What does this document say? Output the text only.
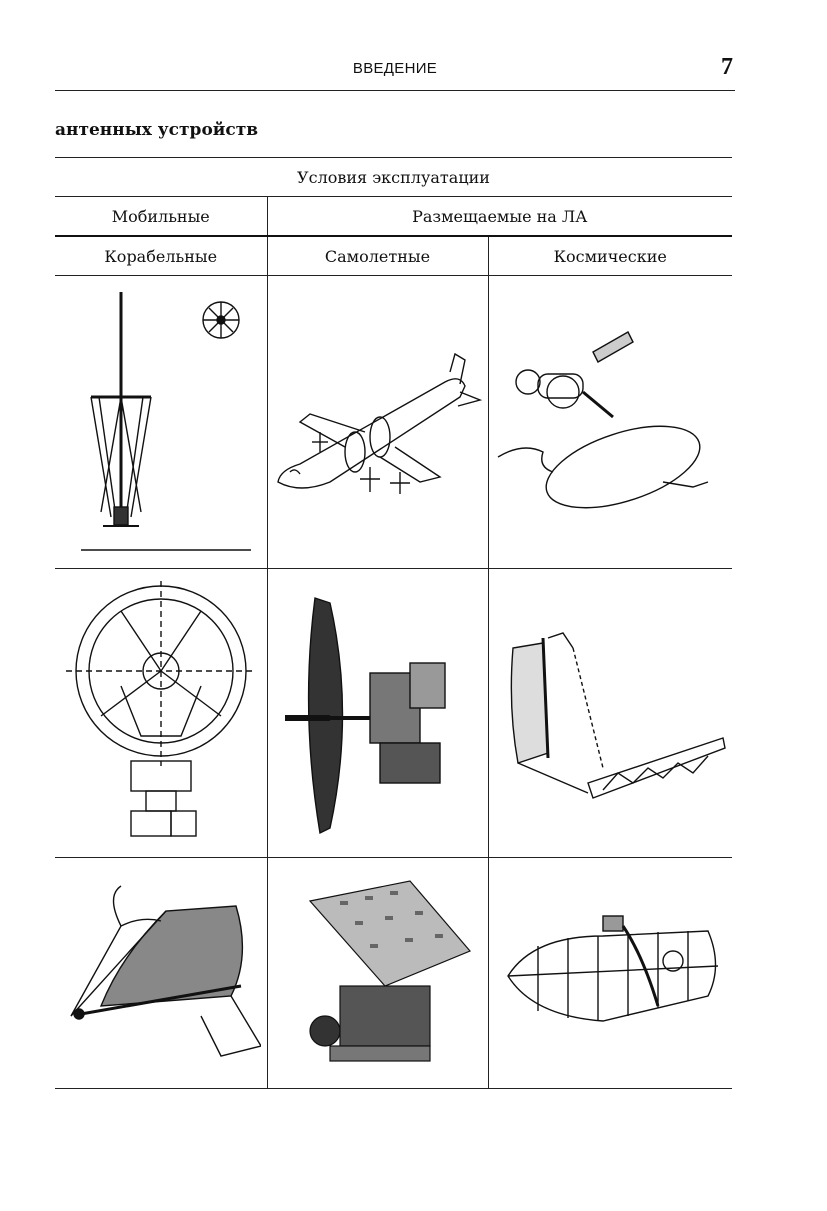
ВВЕДЕНИЕ	7
антенных устройств
Условия эксплуатации		
Мобильные	Размещаемые на ЛА	
Корабельные	Самолетные	Космические
